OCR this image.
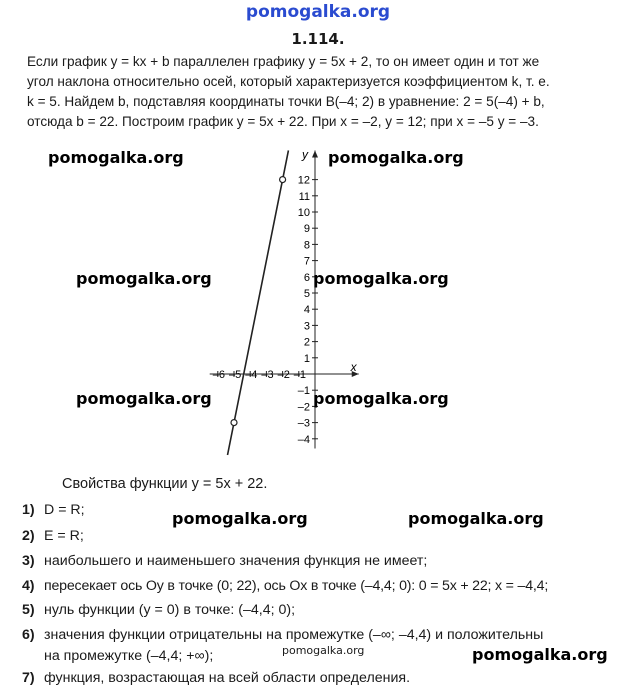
pomogalka.org
1.114.
Если график y = kx + b параллелен графику y = 5x + 2, то он имеет один и тот же
угол наклона относительно осей, который характеризуется коэффициентом k, т. е.
k = 5. Найдем b, подставляя координаты точки B(–4; 2) в уравнение: 2 = 5(–4) + b,
отсюда b = 22. Построим график y = 5x + 22. При x = –2, y = 12; при x = –5 y = –3.
–6 –5 –4 –3 –2 –1
12
11
10
9
8
7
6
5
4
3
2
1
–1
–2
–3
–4
x
y
pomogalka.org	pomogalka.org
pomogalka.org	pomogalka.org
pomogalka.org	pomogalka.org
pomogalka.org	pomogalka.org
pomogalka.org
Свойства функции y = 5x + 22.
1) D = R;
2) E = R;
3) наибольшего и наименьшего значения функция не имеет;
4) пересекает ось Oy в точке (0; 22), ось Ox в точке (–4,4; 0): 0 = 5x + 22; x = –4,4;
5) нуль функции (y = 0) в точке: (–4,4; 0);
6) значения функции отрицательны на промежутке (–∞; –4,4) и положительны
на промежутке (–4,4; +∞);	pomogalka.org
7) функция, возрастающая на всей области определения.
